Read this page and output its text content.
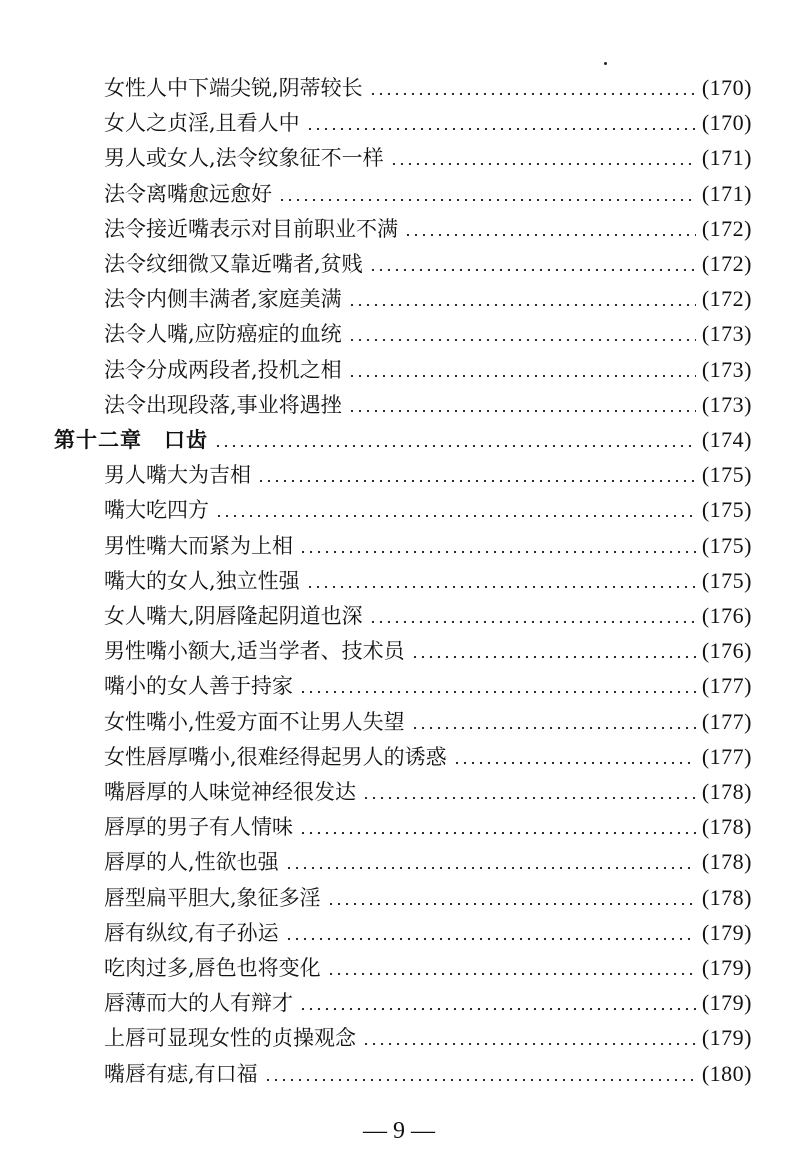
女性人中下端尖锐,阴蒂较长	(170)
女人之贞淫,且看人中	(170)
男人或女人,法令纹象征不一样	(171)
法令离嘴愈远愈好	(171)
法令接近嘴表示对目前职业不满	(172)
法令纹细微又靠近嘴者,贫贱	(172)
法令内侧丰满者,家庭美满	(172)
法令人嘴,应防癌症的血统	(173)
法令分成两段者,投机之相	(173)
法令出现段落,事业将遇挫	(173)
第十二章　口齿	(174)
男人嘴大为吉相	(175)
嘴大吃四方	(175)
男性嘴大而紧为上相	(175)
嘴大的女人,独立性强	(175)
女人嘴大,阴唇隆起阴道也深	(176)
男性嘴小额大,适当学者、技术员	(176)
嘴小的女人善于持家	(177)
女性嘴小,性爱方面不让男人失望	(177)
女性唇厚嘴小,很难经得起男人的诱惑	(177)
嘴唇厚的人味觉神经很发达	(178)
唇厚的男子有人情味	(178)
唇厚的人,性欲也强	(178)
唇型扁平胆大,象征多淫	(178)
唇有纵纹,有子孙运	(179)
吃肉过多,唇色也将变化	(179)
唇薄而大的人有辩才	(179)
上唇可显现女性的贞操观念	(179)
嘴唇有痣,有口福	(180)
— 9 —
